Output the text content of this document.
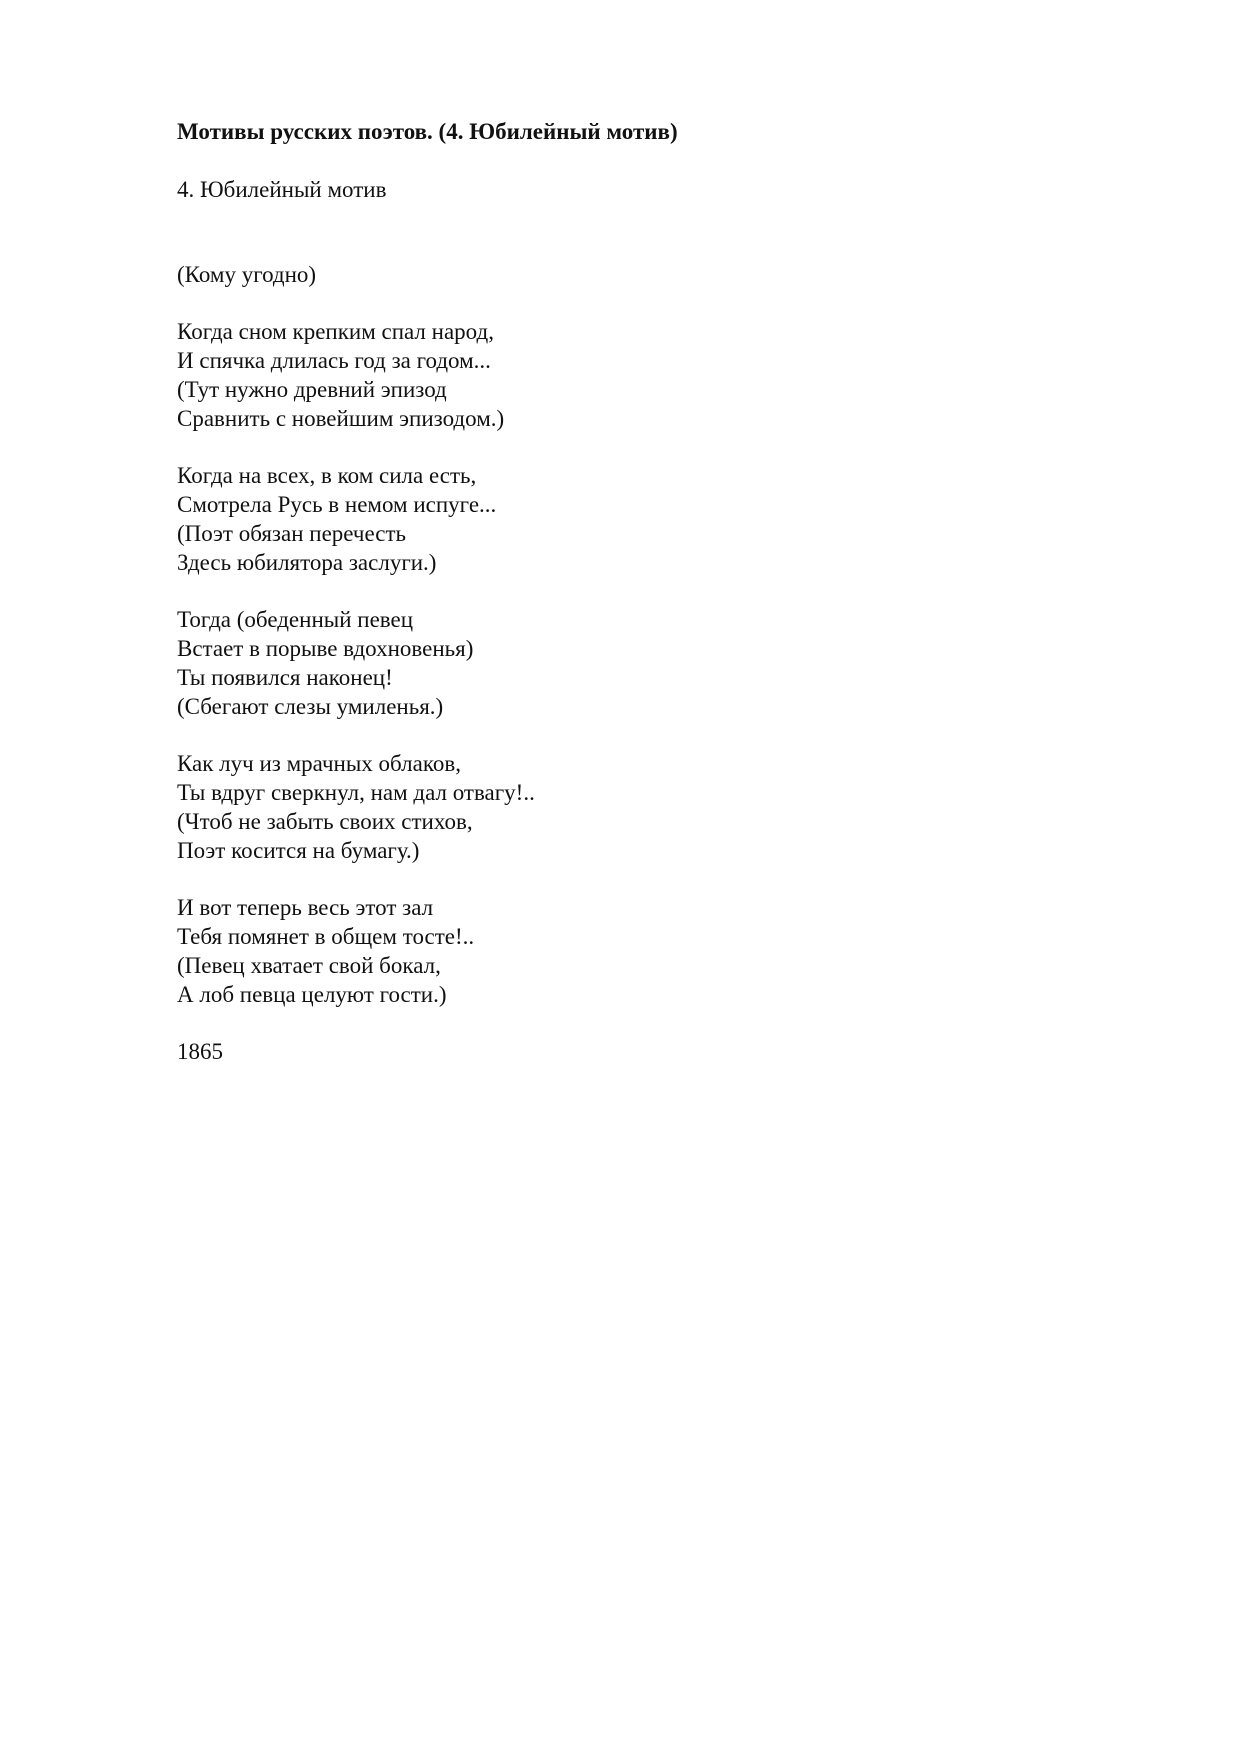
Мотивы русских поэтов. (4. Юбилейный мотив)

4. Юбилейный мотив

(Кому угодно)

Когда сном крепким спал народ,
И спячка длилась год за годом...
(Тут нужно древний эпизод
Сравнить с новейшим эпизодом.)
Когда на всех, в ком сила есть,
Смотрела Русь в немом испуге...
(Поэт обязан перечесть
Здесь юбилятора заслуги.)
Тогда (обеденный певец
Встает в порыве вдохновенья)
Ты появился наконец!
(Сбегают слезы умиленья.)
Как луч из мрачных облаков,
Ты вдруг сверкнул, нам дал отвагу!..
(Чтоб не забыть своих стихов,
Поэт косится на бумагу.)
И вот теперь весь этот зал
Тебя помянет в общем тосте!..
(Певец хватает свой бокал,
А лоб певца целуют гости.)

1865
